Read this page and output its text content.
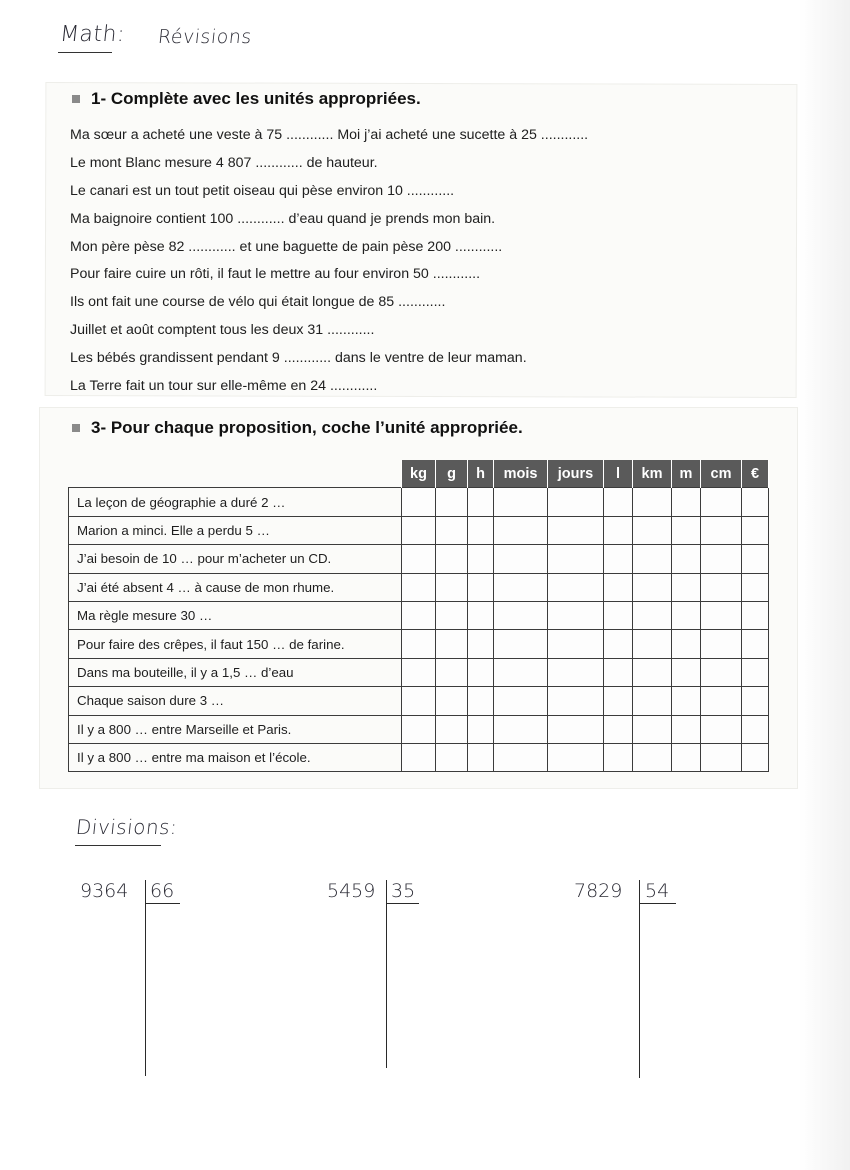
Math: Révisions
1- Complète avec les unités appropriées.
Ma sœur a acheté une veste à 75 ............ Moi j’ai acheté une sucette à 25 ............
Le mont Blanc mesure 4 807 ............ de hauteur.
Le canari est un tout petit oiseau qui pèse environ 10 ............
Ma baignoire contient 100 ............ d’eau quand je prends mon bain.
Mon père pèse 82 ............ et une baguette de pain pèse 200 ............
Pour faire cuire un rôti, il faut le mettre au four environ 50 ............
Ils ont fait une course de vélo qui était longue de 85 ............
Juillet et août comptent tous les deux 31 ............
Les bébés grandissent pendant 9 ............ dans le ventre de leur maman.
La Terre fait un tour sur elle-même en 24 ............
3- Pour chaque proposition, coche l’unité appropriée.
	kg	g	h	mois	jours	l	km	m	cm	€
La leçon de géographie a duré 2 …										
Marion a minci. Elle a perdu 5 …										
J’ai besoin de 10 … pour m’acheter un CD.										
J’ai été absent 4 … à cause de mon rhume.										
Ma règle mesure 30 …										
Pour faire des crêpes, il faut 150 … de farine.										
Dans ma bouteille, il y a 1,5 … d’eau										
Chaque saison dure 3 …										
Il y a 800 … entre Marseille et Paris.										
Il y a 800 … entre ma maison et l’école.										
Divisions:
9364 66	5459 35	7829 54
